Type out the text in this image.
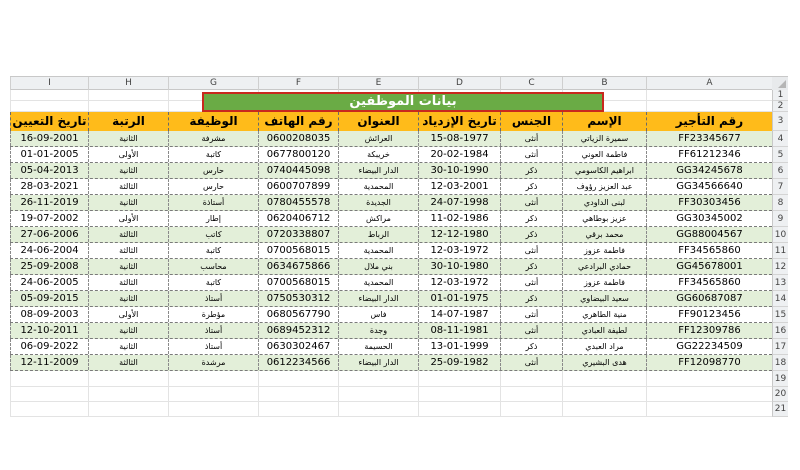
I	H	G	F	E	D	C	B	A
1
2
تاريخ التعيين	الرتبة	الوظيفة	رقم الهاتف	العنوان	تاريخ الإزدياد	الجنس	الإسم	رقم التأجير	3
16-09-2001	الثانية	مشرفة	0600208035	العرائش	15-08-1977	أنثى	سميرة الزياتي	FF23345677	4
01-01-2005	الأولى	كاتبة	0677800120	خريبكة	20-02-1984	أنثى	فاطمة العوني	FF61212346	5
05-04-2013	الثانية	حارس	0740445098	الدار البيضاء	30-10-1990	ذكر	ابراهيم الكاسومي	GG34245678	6
28-03-2021	الثالثة	حارس	0600707899	المحمدية	12-03-2001	ذكر	عبد العزيز رؤوف	GG34566640	7
26-11-2019	الثانية	أستاذة	0780455578	الجديدة	24-07-1998	أنثى	لبنى الداودي	FF30303456	8
19-07-2002	الأولى	إطار	0620406712	مراكش	11-02-1986	ذكر	عزيز بوطاهي	GG30345002	9
27-06-2006	الثالثة	كاتب	0720338807	الرباط	12-12-1980	ذكر	محمد برقي	GG88004567	10
24-06-2004	الثالثة	كاتبة	0700568015	المحمدية	12-03-1972	أنثى	فاطمة عزوز	FF34565860	11
25-09-2008	الثانية	محاسب	0634675866	بني ملال	30-10-1980	ذكر	حمادي البرادعي	GG45678001	12
24-06-2005	الثالثة	كاتبة	0700568015	المحمدية	12-03-1972	أنثى	فاطمة عزوز	FF34565860	13
05-09-2015	الثانية	أستاذ	0750530312	الدار البيضاء	01-01-1975	ذكر	سعيد البيضاوي	GG60687087	14
08-09-2003	الأولى	مؤطرة	0680567790	فاس	14-07-1987	أنثى	منية الطاهري	FF90123456	15
12-10-2011	الثانية	أستاذ	0689452312	وجدة	08-11-1981	أنثى	لطيفة العبادي	FF12309786	16
06-09-2022	الثانية	أستاذ	0630302467	الحسيمة	13-01-1999	ذكر	مراد العبدي	GG22234509	17
12-11-2009	الثالثة	مرشدة	0612234566	الدار البيضاء	25-09-1982	أنثى	هدى البشيري	FF12098770	18
19
20
21
بيانات الموظفين
